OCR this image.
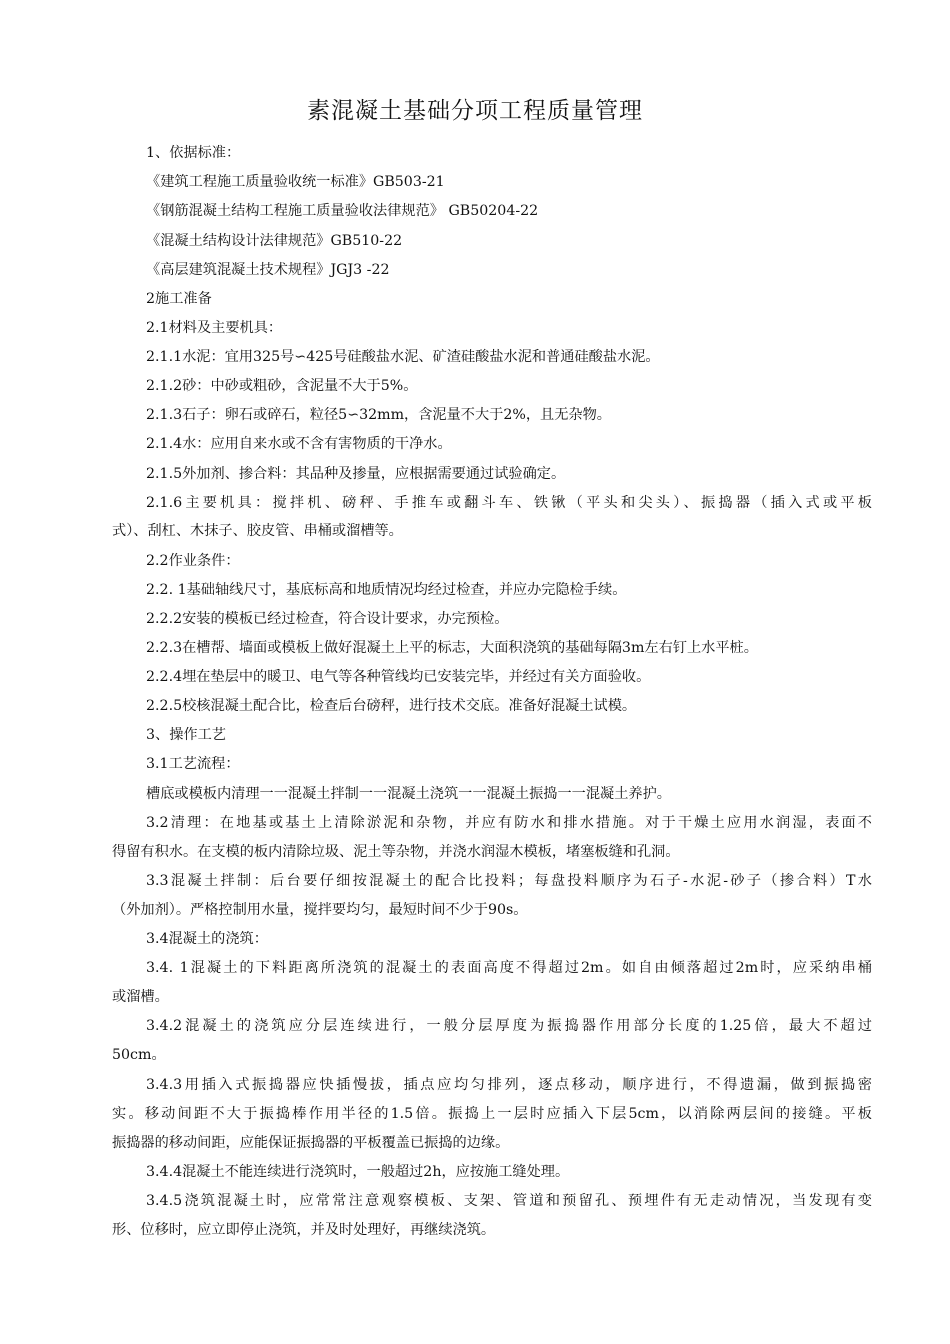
素混凝土基础分项工程质量管理
1、依据标准：
《建筑工程施工质量验收统一标准》GB503-21
《钢筋混凝土结构工程施工质量验收法律规范》 GB50204-22
《混凝土结构设计法律规范》GB510-22
《高层建筑混凝土技术规程》JGJ3 -22
2施工准备
2.1材料及主要机具：
2.1.1水泥：宜用325号∽425号硅酸盐水泥、矿渣硅酸盐水泥和普通硅酸盐水泥。
2.1.2砂：中砂或粗砂，含泥量不大于5%。
2.1.3石子：卵石或碎石，粒径5∽32mm，含泥量不大于2%，且无杂物。
2.1.4水：应用自来水或不含有害物质的干净水。
2.1.5外加剂、掺合料：其品种及掺量，应根据需要通过试验确定。
2.1.6主要机具：搅拌机、磅秤、手推车或翻斗车、铁锹（平头和尖头）、振捣器（插入式或平板
式）、刮杠、木抹子、胶皮管、串桶或溜槽等。
2.2作业条件：
2.2. 1基础轴线尺寸，基底标高和地质情况均经过检查，并应办完隐检手续。
2.2.2安装的模板已经过检查，符合设计要求，办完预检。
2.2.3在槽帮、墙面或模板上做好混凝土上平的标志，大面积浇筑的基础每隔3m左右钉上水平桩。
2.2.4埋在垫层中的暖卫、电气等各种管线均已安装完毕，并经过有关方面验收。
2.2.5校核混凝土配合比，检查后台磅秤，进行技术交底。准备好混凝土试模。
3、操作工艺
3.1工艺流程：
槽底或模板内清理一一混凝土拌制一一混凝土浇筑一一混凝土振捣一一混凝土养护。
3.2清理：在地基或基土上清除淤泥和杂物，并应有防水和排水措施。对于干燥土应用水润湿，表面不
得留有积水。在支模的板内清除垃圾、泥土等杂物，并浇水润湿木模板，堵塞板缝和孔洞。
3.3混凝土拌制：后台要仔细按混凝土的配合比投料；每盘投料顺序为石子-水泥-砂子（掺合料）T水
（外加剂）。严格控制用水量，搅拌要均匀，最短时间不少于90s。
3.4混凝土的浇筑：
3.4. 1混凝土的下料距离所浇筑的混凝土的表面高度不得超过2m。如自由倾落超过2m时，应采纳串桶
或溜槽。
3.4.2混凝土的浇筑应分层连续进行，一般分层厚度为振捣器作用部分长度的1.25倍，最大不超过
50cm。
3.4.3用插入式振捣器应快插慢拔，插点应均匀排列，逐点移动，顺序进行，不得遗漏，做到振捣密
实。移动间距不大于振捣棒作用半径的1.5倍。振捣上一层时应插入下层5cm，以消除两层间的接缝。平板
振捣器的移动间距，应能保证振捣器的平板覆盖已振捣的边缘。
3.4.4混凝土不能连续进行浇筑时，一般超过2h，应按施工缝处理。
3.4.5浇筑混凝土时，应常常注意观察模板、支架、管道和预留孔、预埋件有无走动情况，当发现有变
形、位移时，应立即停止浇筑，并及时处理好，再继续浇筑。
